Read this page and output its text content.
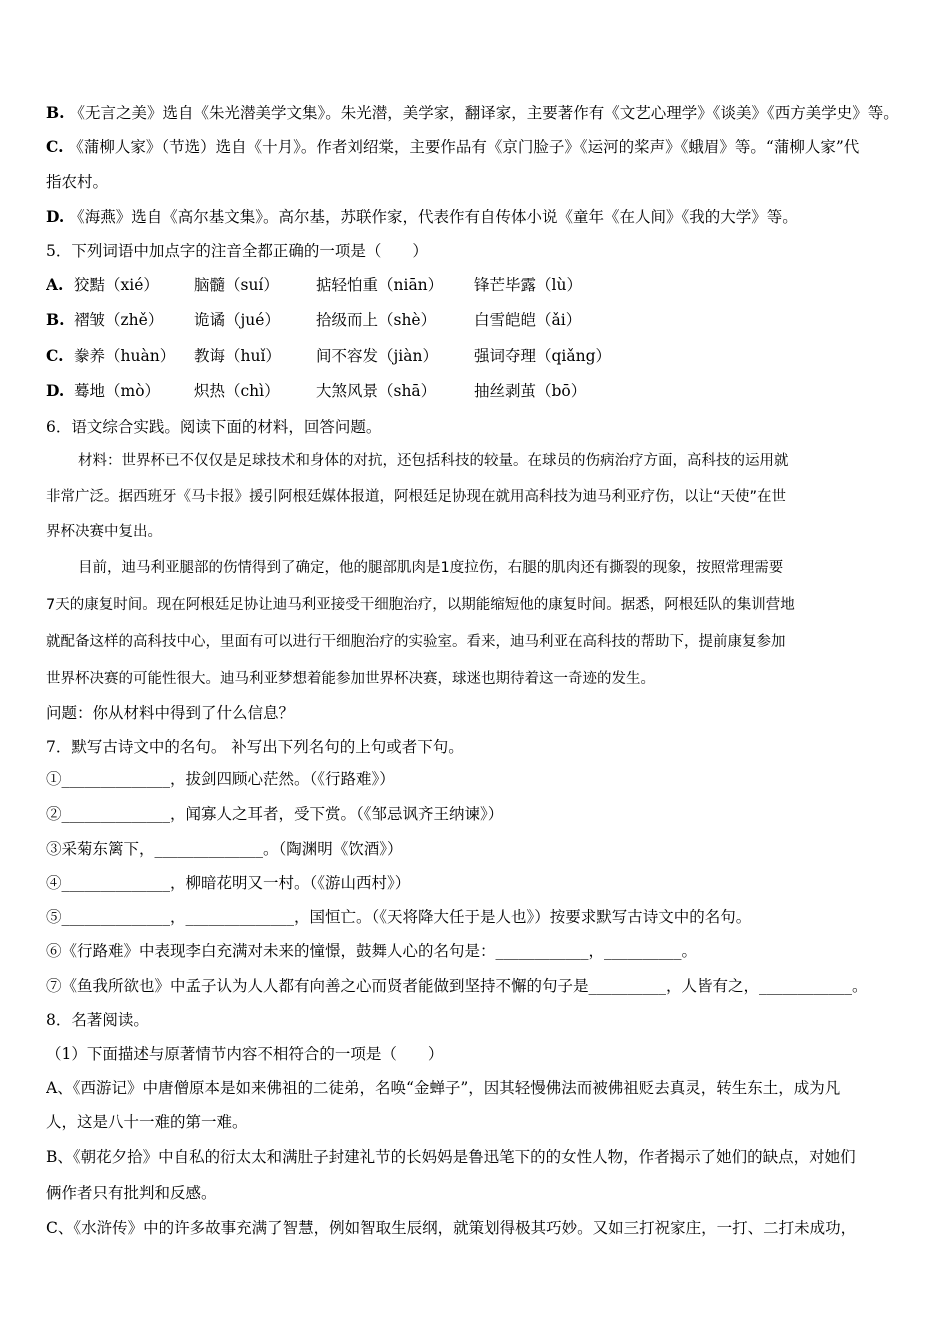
B. 《无言之美》选自《朱光潜美学文集》。朱光潜，美学家，翻译家，主要著作有《文艺心理学》《谈美》《西方美学史》等。
C. 《蒲柳人家》（节选）选自《十月》。作者刘绍棠，主要作品有《京门脸子》《运河的桨声》《蛾眉》等。“蒲柳人家”代
指农村。
D. 《海燕》选自《高尔基文集》。高尔基，苏联作家，代表作有自传体小说《童年《在人间》《我的大学》等。
5．下列词语中加点字的注音全都正确的一项是（　　）
A. 狡黠（xié） 脑髓（suí） 掂轻怕重（niān） 锋芒毕露（lù）
B. 褶皱（zhě） 诡谲（jué） 拾级而上（shè） 白雪皑皑（ǎi）
C. 豢养（huàn） 教诲（huǐ） 间不容发（jiàn） 强词夺理（qiǎng）
D. 蓦地（mò） 炽热（chì） 大煞风景（shā） 抽丝剥茧（bō）
6．语文综合实践。阅读下面的材料，回答问题。
材料：世界杯已不仅仅是足球技术和身体的对抗，还包括科技的较量。在球员的伤病治疗方面，高科技的运用就
非常广泛。据西班牙《马卡报》援引阿根廷媒体报道，阿根廷足协现在就用高科技为迪马利亚疗伤，以让“天使”在世
界杯决赛中复出。
目前，迪马利亚腿部的伤情得到了确定，他的腿部肌肉是1度拉伤，右腿的肌肉还有撕裂的现象，按照常理需要
7天的康复时间。现在阿根廷足协让迪马利亚接受干细胞治疗，以期能缩短他的康复时间。据悉，阿根廷队的集训营地
就配备这样的高科技中心，里面有可以进行干细胞治疗的实验室。看来，迪马利亚在高科技的帮助下，提前康复参加
世界杯决赛的可能性很大。迪马利亚梦想着能参加世界杯决赛，球迷也期待着这一奇迹的发生。
问题：你从材料中得到了什么信息？
7．默写古诗文中的名句。 补写出下列名句的上句或者下句。
①______________，拔剑四顾心茫然。（《行路难》）
②______________，闻寡人之耳者，受下赏。（《邹忌讽齐王纳谏》）
③采菊东篱下，______________。（陶渊明《饮酒》）
④______________，柳暗花明又一村。（《游山西村》）
⑤______________，______________，国恒亡。（《天将降大任于是人也》）按要求默写古诗文中的名句。
⑥《行路难》中表现李白充满对未来的憧憬，鼓舞人心的名句是：____________，__________。
⑦《鱼我所欲也》中孟子认为人人都有向善之心而贤者能做到坚持不懈的句子是__________，人皆有之，____________。
8．名著阅读。
（1）下面描述与原著情节内容不相符合的一项是（　　）
A、《西游记》中唐僧原本是如来佛祖的二徒弟，名唤“金蝉子”，因其轻慢佛法而被佛祖贬去真灵，转生东土，成为凡
人，这是八十一难的第一难。
B、《朝花夕拾》中自私的衍太太和满肚子封建礼节的长妈妈是鲁迅笔下的的女性人物，作者揭示了她们的缺点，对她们
俩作者只有批判和反感。
C、《水浒传》中的许多故事充满了智慧，例如智取生辰纲，就策划得极其巧妙。又如三打祝家庄，一打、二打未成功，
